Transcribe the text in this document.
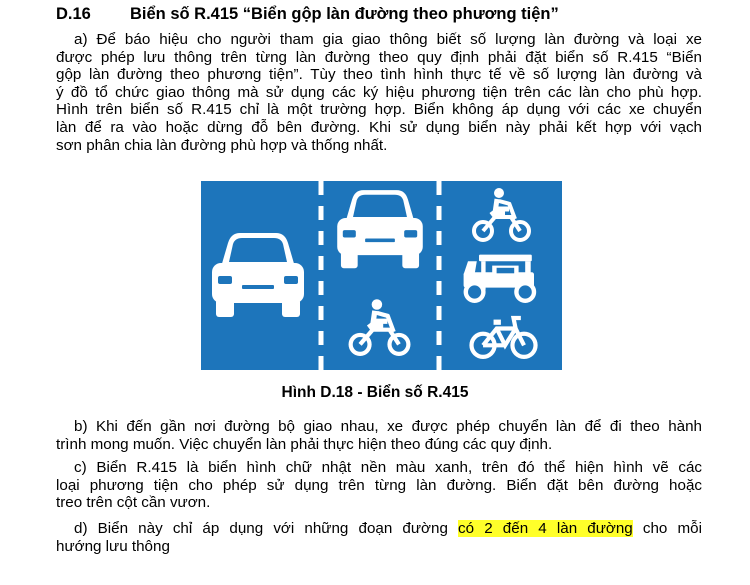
D.16 Biển số R.415 “Biển gộp làn đường theo phương tiện”
a) Để báo hiệu cho người tham gia giao thông biết số lượng làn đường và loại xe
được phép lưu thông trên từng làn đường theo quy định phải đặt biển số R.415 “Biển
gộp làn đường theo phương tiện”. Tùy theo tình hình thực tế về số lượng làn đường và
ý đồ tổ chức giao thông mà sử dụng các ký hiệu phương tiện trên các làn cho phù hợp.
Hình trên biển số R.415 chỉ là một trường hợp. Biển không áp dụng với các xe chuyển
làn để ra vào hoặc dừng đỗ bên đường. Khi sử dụng biển này phải kết hợp với vạch
sơn phân chia làn đường phù hợp và thống nhất.
Hình D.18 - Biển số R.415
b) Khi đến gần nơi đường bộ giao nhau, xe được phép chuyển làn để đi theo hành
trình mong muốn. Việc chuyển làn phải thực hiện theo đúng các quy định.
c) Biển R.415 là biển hình chữ nhật nền màu xanh, trên đó thể hiện hình vẽ các
loại phương tiện cho phép sử dụng trên từng làn đường. Biển đặt bên đường hoặc
treo trên cột cần vươn.
d) Biển này chỉ áp dụng với những đoạn đường có 2 đến 4 làn đường cho mỗi
hướng lưu thông
